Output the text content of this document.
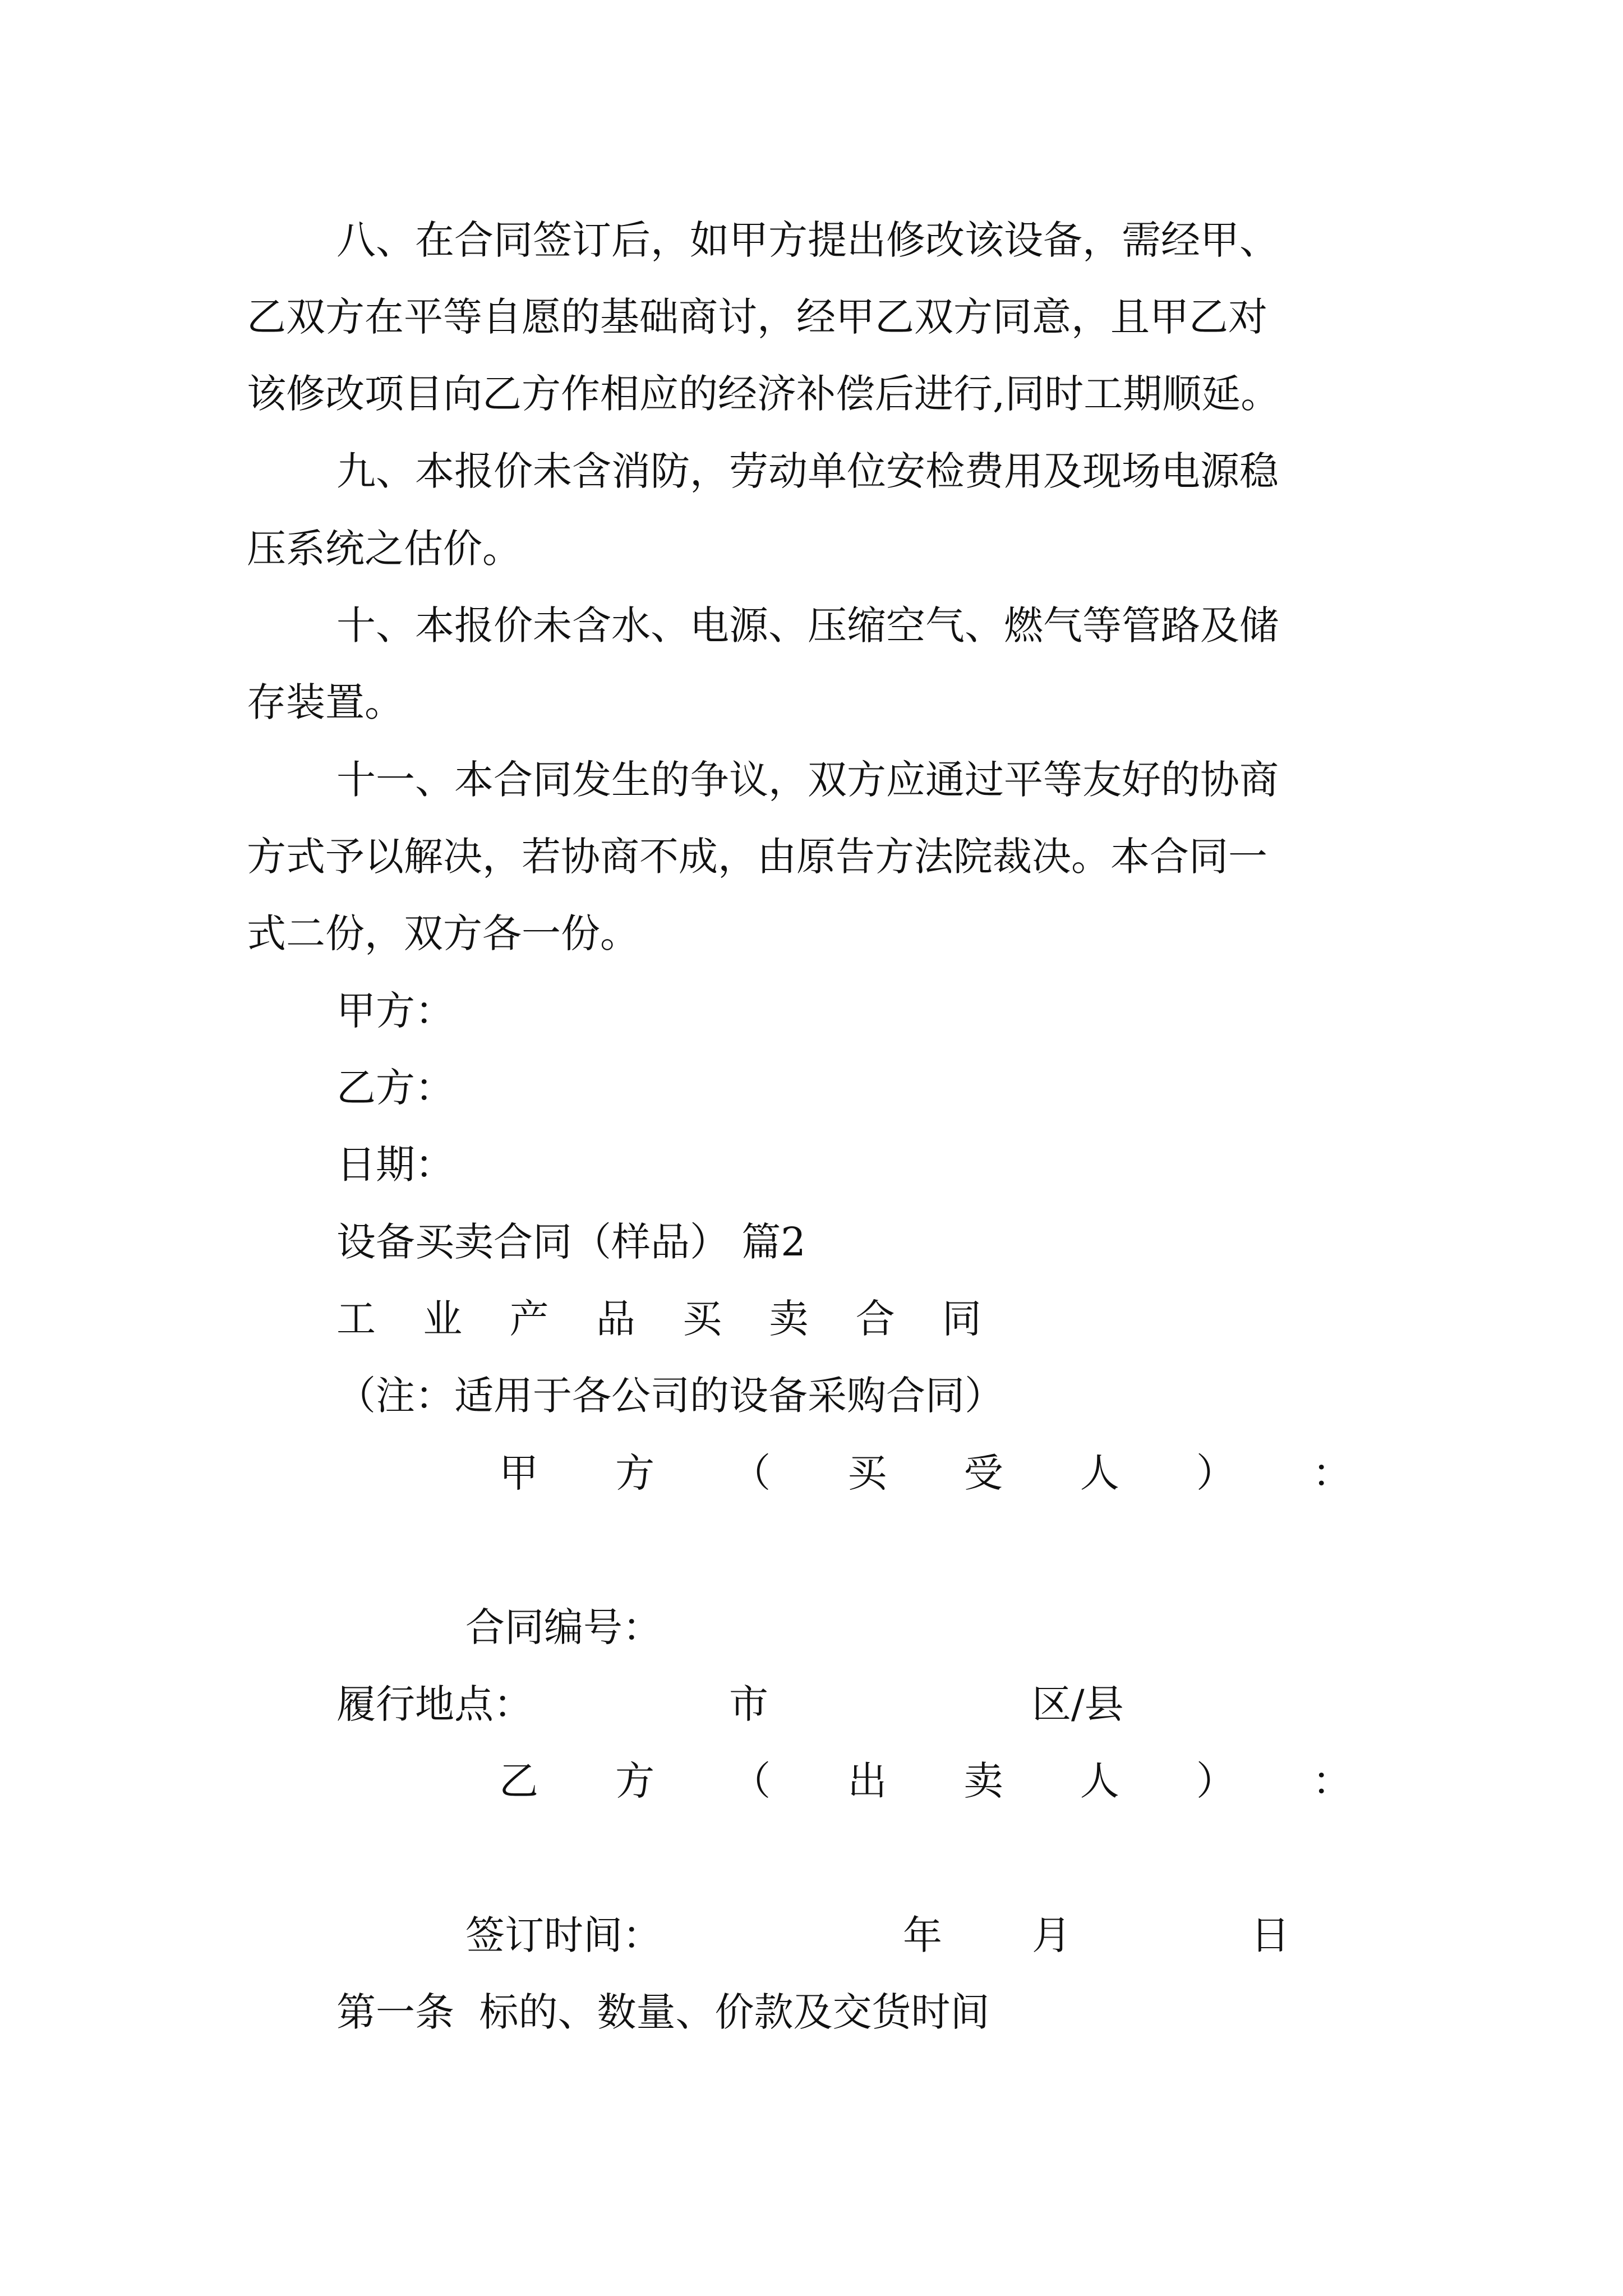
八、在合同签订后，如甲方提出修改该设备，需经甲、

乙双方在平等自愿的基础商讨，经甲乙双方同意，且甲乙对

该修改项目向乙方作相应的经济补偿后进行,同时工期顺延。

九、本报价未含消防，劳动单位安检费用及现场电源稳

压系统之估价。

十、本报价未含水、电源、压缩空气、燃气等管路及储

存装置。

十一、本合同发生的争议，双方应通过平等友好的协商

方式予以解决，若协商不成，由原告方法院裁决。本合同一

式二份，双方各一份。

甲方：

乙方：

日期：

设备买卖合同（样品） 篇2

工 业 产 品 买 卖 合 同

（注：适用于各公司的设备采购合同）

甲 方 （ 买 受 人 ） ：

合同编号：

履行地点：	市	区/县

乙 方 （ 出 卖 人 ） ：

签订时间：	年 月	日

第一条  标的、数量、价款及交货时间
